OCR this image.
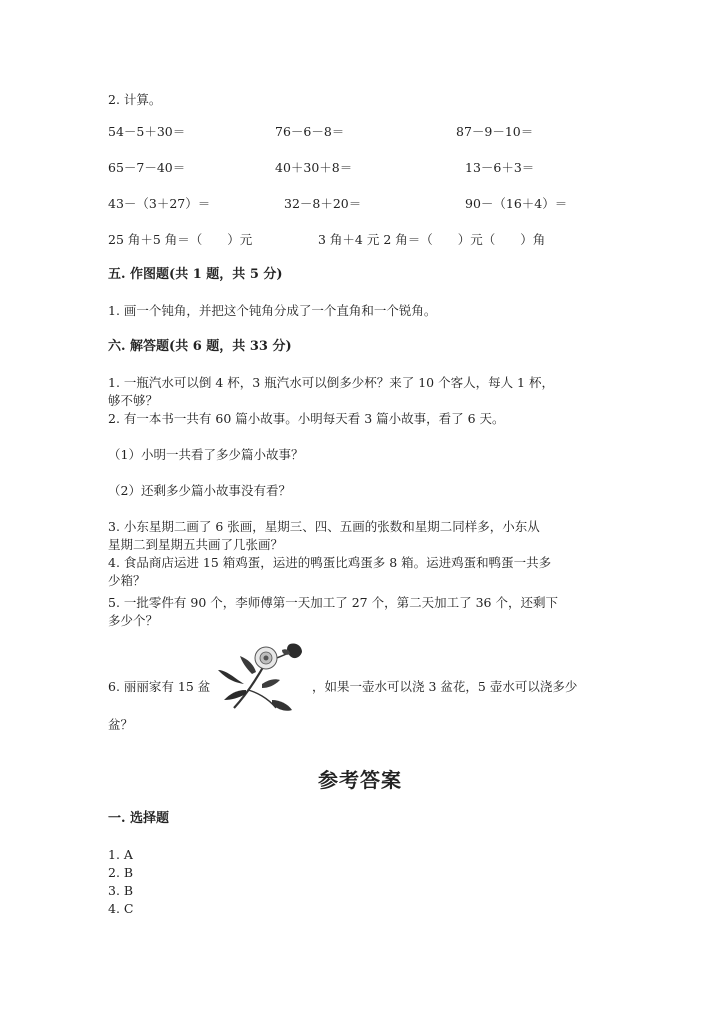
2. 计算。
54－5＋30＝	76－6－8＝	87－9－10＝
65－7－40＝	40＋30＋8＝	13－6＋3＝
43－（3＋27）＝	32－8＋20＝	90－（16＋4）＝
25 角＋5 角＝（　　）元	3 角＋4 元 2 角＝（　　）元（　　）角
五. 作图题(共 1 题，共 5 分)
1. 画一个钝角，并把这个钝角分成了一个直角和一个锐角。
六. 解答题(共 6 题，共 33 分)
1. 一瓶汽水可以倒 4 杯，3 瓶汽水可以倒多少杯？来了 10 个客人，每人 1 杯，
够不够？
2. 有一本书一共有 60 篇小故事。小明每天看 3 篇小故事，看了 6 天。
（1）小明一共看了多少篇小故事？
（2）还剩多少篇小故事没有看？
3. 小东星期二画了 6 张画，星期三、四、五画的张数和星期二同样多，小东从
星期二到星期五共画了几张画？
4. 食品商店运进 15 箱鸡蛋，运进的鸭蛋比鸡蛋多 8 箱。运进鸡蛋和鸭蛋一共多
少箱？
5. 一批零件有 90 个，李师傅第一天加工了 27 个，第二天加工了 36 个，还剩下
多少个？
6. 丽丽家有 15 盆	，如果一壶水可以浇 3 盆花，5 壶水可以浇多少
盆？
参考答案
一. 选择题
1. A
2. B
3. B
4. C
